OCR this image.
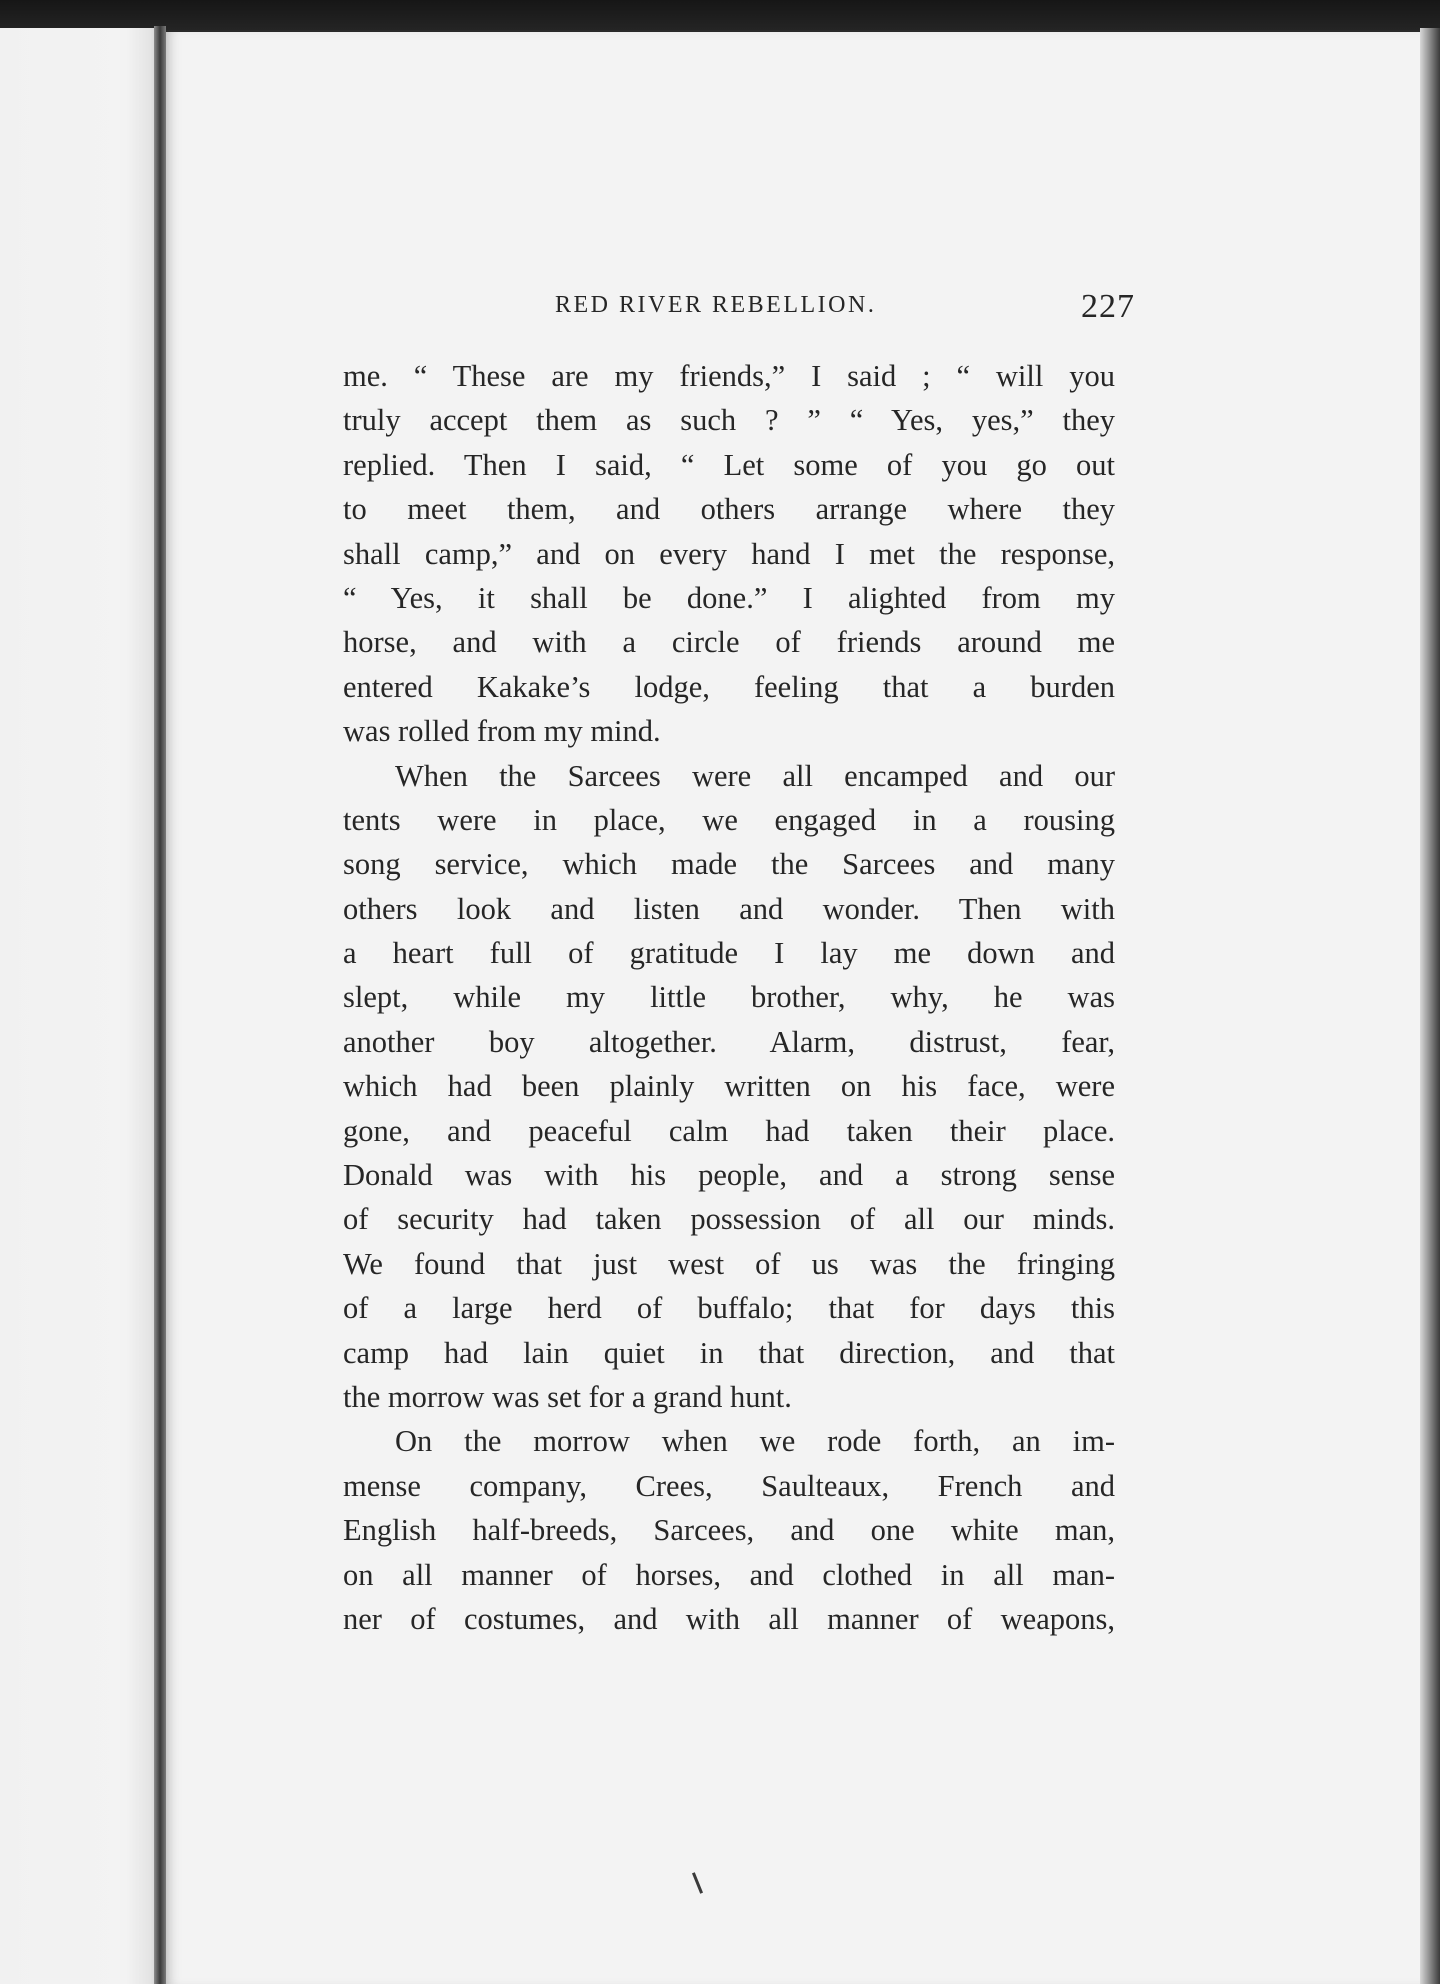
RED RIVER REBELLION.	227
me. “ These are my friends,” I said ; “ will you
truly accept them as such ? ” “ Yes, yes,” they
replied. Then I said, “ Let some of you go out
to meet them, and others arrange where they
shall camp,” and on every hand I met the response,
“ Yes, it shall be done.” I alighted from my
horse, and with a circle of friends around me
entered Kakake’s lodge, feeling that a burden
was rolled from my mind.
When the Sarcees were all encamped and our
tents were in place, we engaged in a rousing
song service, which made the Sarcees and many
others look and listen and wonder. Then with
a heart full of gratitude I lay me down and
slept, while my little brother, why, he was
another boy altogether. Alarm, distrust, fear,
which had been plainly written on his face, were
gone, and peaceful calm had taken their place.
Donald was with his people, and a strong sense
of security had taken possession of all our minds.
We found that just west of us was the fringing
of a large herd of buffalo; that for days this
camp had lain quiet in that direction, and that
the morrow was set for a grand hunt.
On the morrow when we rode forth, an im-
mense company, Crees, Saulteaux, French and
English half-breeds, Sarcees, and one white man,
on all manner of horses, and clothed in all man-
ner of costumes, and with all manner of weapons,
